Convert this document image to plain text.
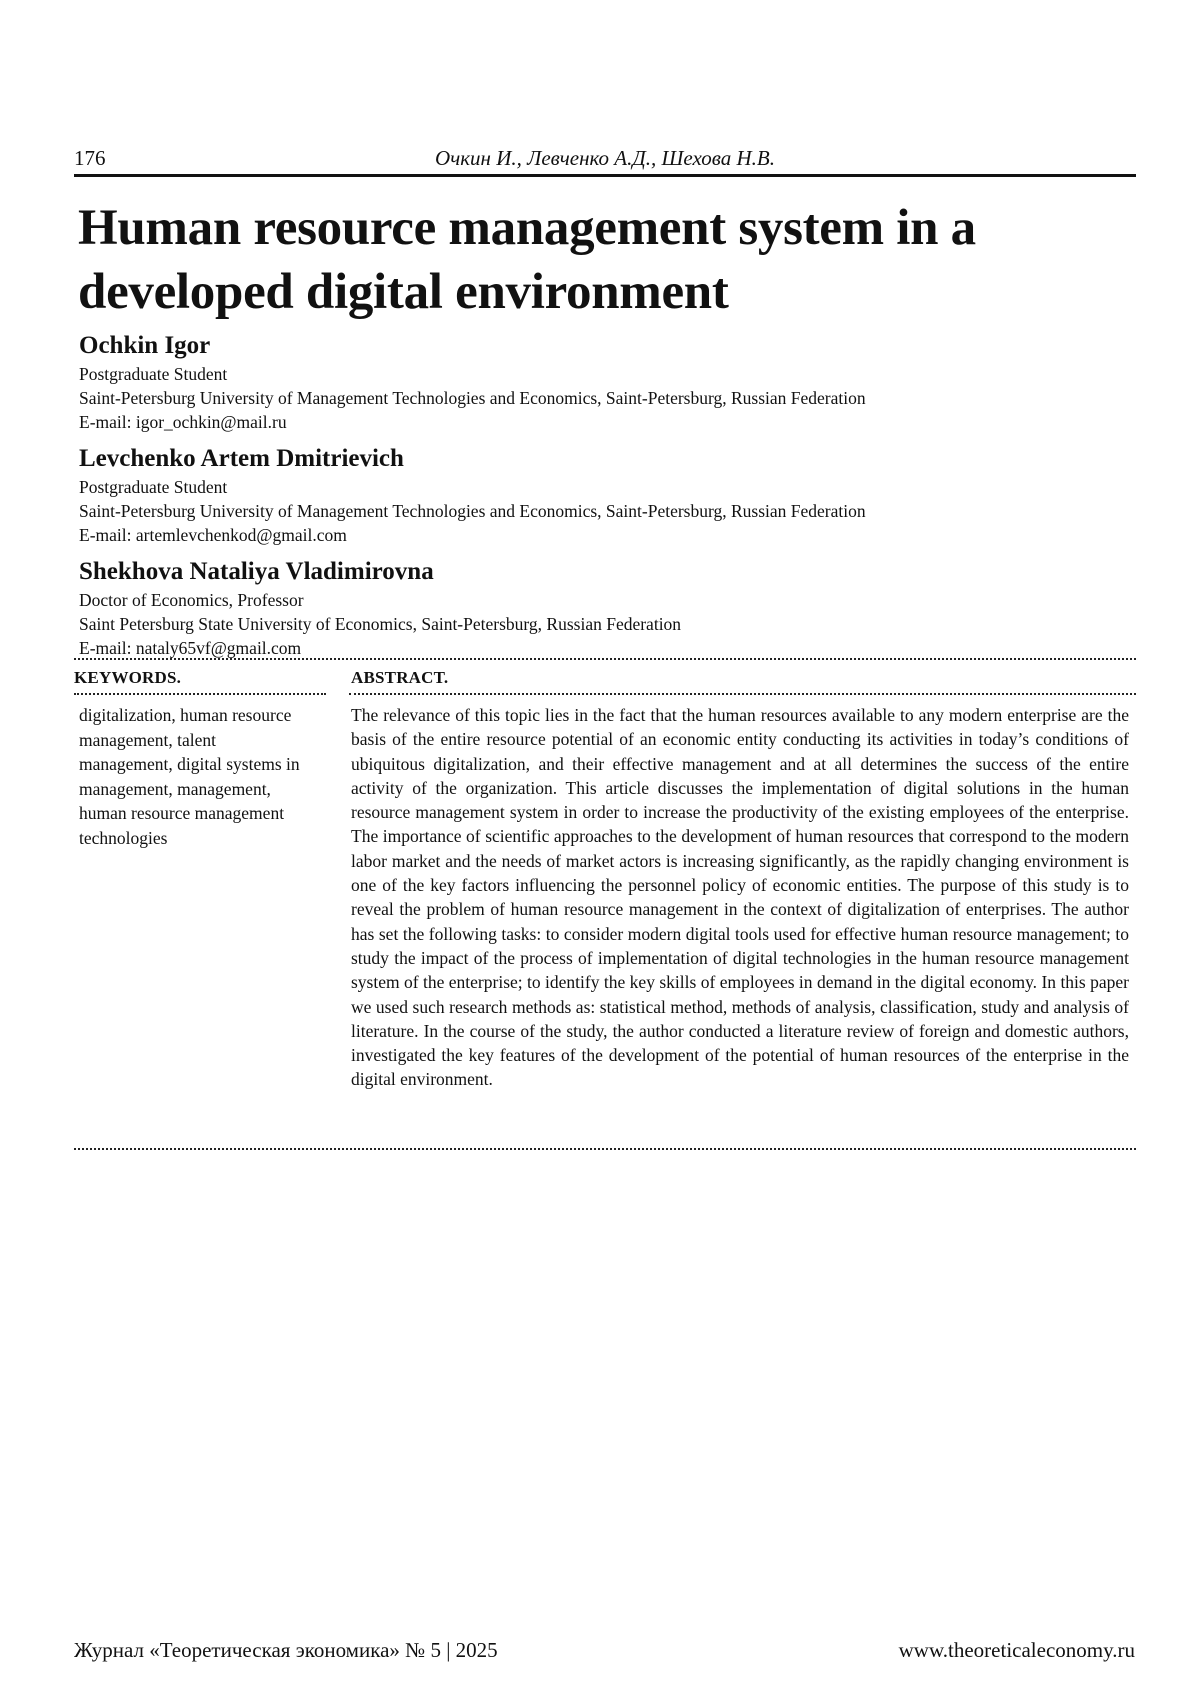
176	Очкин И., Левченко А.Д., Шехова Н.В.
Human resource management system in a developed digital environment
Ochkin Igor
Postgraduate Student
Saint-Petersburg University of Management Technologies and Economics, Saint-Petersburg, Russian Federation
E-mail: igor_ochkin@mail.ru
Levchenko Artem Dmitrievich
Postgraduate Student
Saint-Petersburg University of Management Technologies and Economics, Saint-Petersburg, Russian Federation
E-mail: artemlevchenkod@gmail.com
Shekhova Nataliya Vladimirovna
Doctor of Economics, Professor
Saint Petersburg State University of Economics, Saint-Petersburg, Russian Federation
E-mail: nataly65vf@gmail.com
KEYWORDS.	ABSTRACT.
digitalization, human resource management, talent management, digital systems in management, management, human resource management technologies
The relevance of this topic lies in the fact that the human resources available to any modern enterprise are the basis of the entire resource potential of an economic entity conducting its activities in today’s conditions of ubiquitous digitalization, and their effective management and at all determines the success of the entire activity of the organization. This article discusses the implementation of digital solutions in the human resource management system in order to increase the productivity of the existing employees of the enterprise. The importance of scientific approaches to the development of human resources that correspond to the modern labor market and the needs of market actors is increasing significantly, as the rapidly changing environment is one of the key factors influencing the personnel policy of economic entities. The purpose of this study is to reveal the problem of human resource management in the context of digitalization of enterprises. The author has set the following tasks: to consider modern digital tools used for effective human resource management; to study the impact of the process of implementation of digital technologies in the human resource management system of the enterprise; to identify the key skills of employees in demand in the digital economy. In this paper we used such research methods as: statistical method, methods of analysis, classification, study and analysis of literature. In the course of the study, the author conducted a literature review of foreign and domestic authors, investigated the key features of the development of the potential of human resources of the enterprise in the digital environment.
Журнал «Теоретическая экономика» № 5 | 2025	www.theoreticaleconomy.ru
